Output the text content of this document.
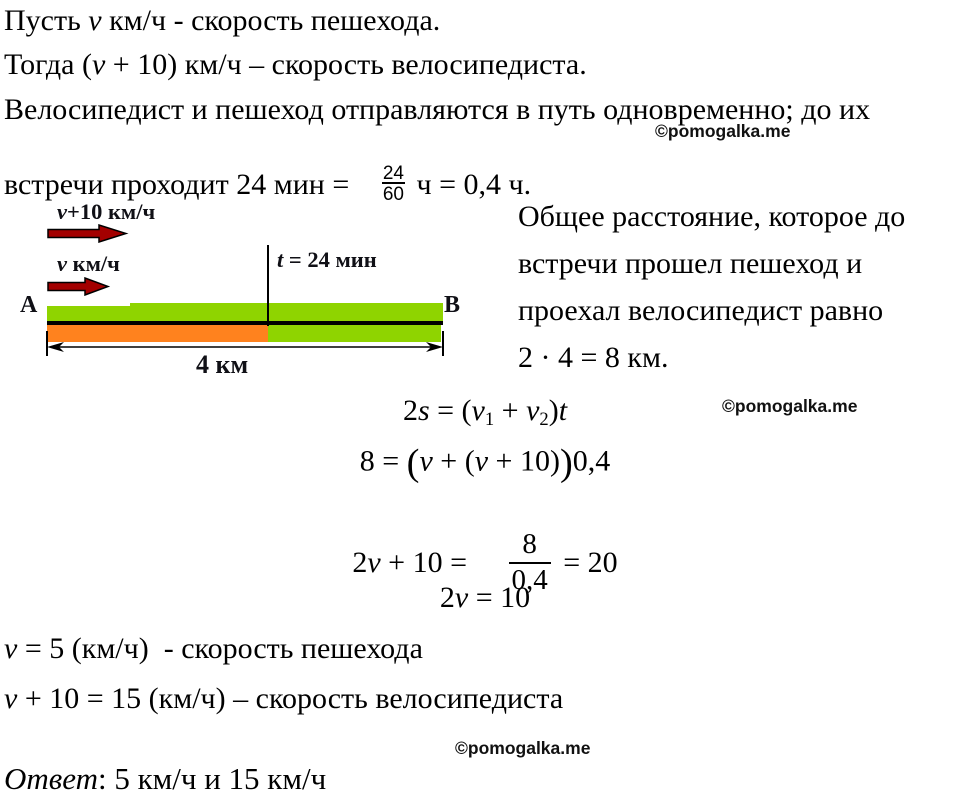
Пусть v км/ч - скорость пешехода.
Тогда (v + 10) км/ч – скорость велосипедиста.
Велосипедист и пешеход отправляются в путь одновременно; до их
©pomogalka.me
встречи проходит 24 мин = $\frac{24}{60}$
ч = 0,4 ч.
v+10 км/ч
v км/ч
A	B
t = 24 мин
4 км
Общее расстояние, которое до
встречи прошел пешеход и
проехал велосипедист равно
2 · 4 = 8 км.
$2s = (v_1 + v_2)t$	©pomogalka.me
8 = (v + (v + 10))0,4
$2v + 10 = \frac{8}{0,4}$
= 20
2v = 10
v = 5 (км/ч)  - скорость пешехода
v + 10 = 15 (км/ч) – скорость велосипедиста
©pomogalka.me
Ответ: 5 км/ч и 15 км/ч
